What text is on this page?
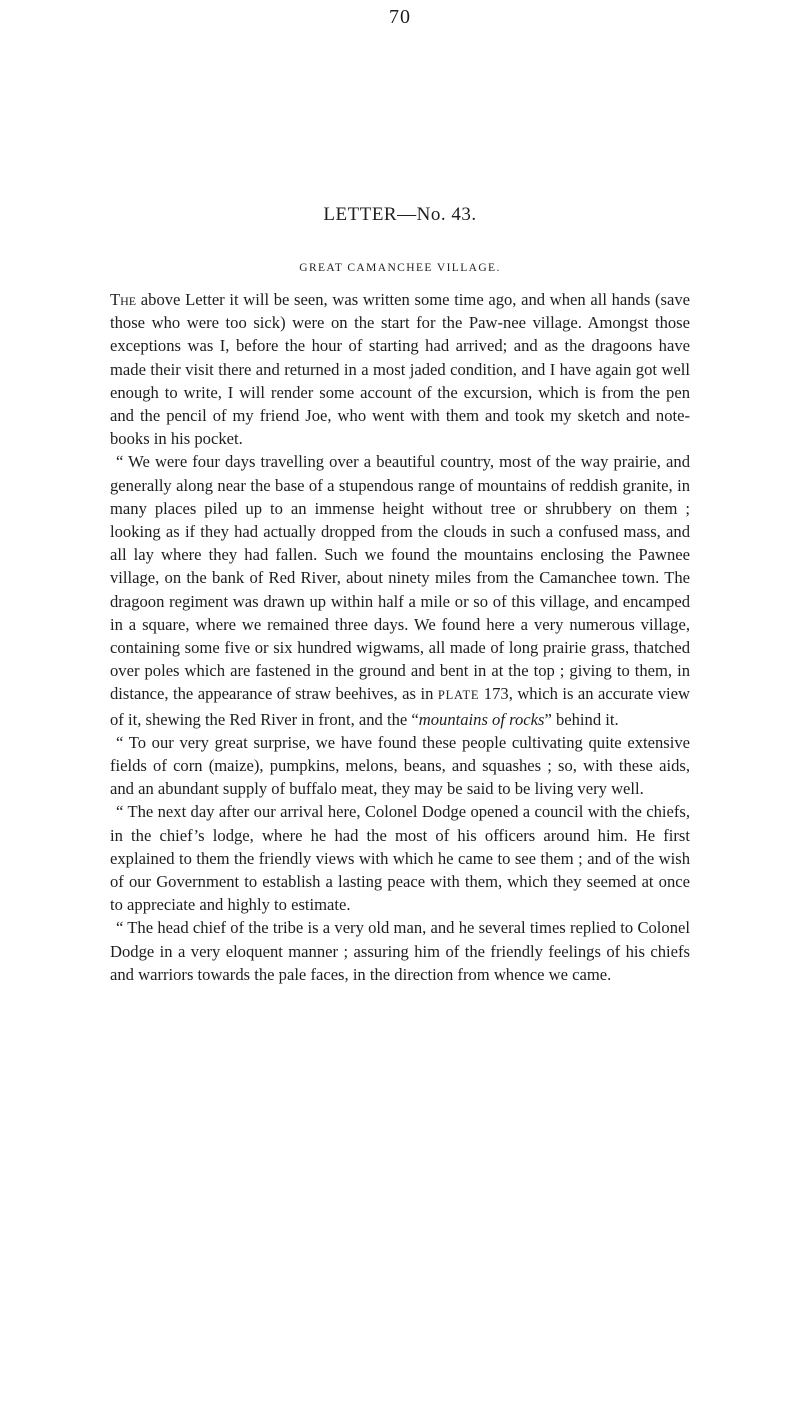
70
LETTER—No. 43.
GREAT CAMANCHEE VILLAGE.

The above Letter it will be seen, was written some time ago, and when all hands (save those who were too sick) were on the start for the Paw-nee village. Amongst those exceptions was I, before the hour of starting had arrived; and as the dragoons have made their visit there and returned in a most jaded condition, and I have again got well enough to write, I will render some account of the excursion, which is from the pen and the pencil of my friend Joe, who went with them and took my sketch and note-books in his pocket.

“ We were four days travelling over a beautiful country, most of the way prairie, and generally along near the base of a stupendous range of mountains of reddish granite, in many places piled up to an immense height without tree or shrubbery on them ; looking as if they had actually dropped from the clouds in such a confused mass, and all lay where they had fallen. Such we found the mountains enclosing the Pawnee village, on the bank of Red River, about ninety miles from the Camanchee town. The dragoon regiment was drawn up within half a mile or so of this village, and encamped in a square, where we remained three days. We found here a very numerous village, containing some five or six hundred wigwams, all made of long prairie grass, thatched over poles which are fastened in the ground and bent in at the top ; giving to them, in distance, the appearance of straw beehives, as in PLATE 173, which is an accurate view of it, shewing the Red River in front, and the “mountains of rocks” behind it.

“ To our very great surprise, we have found these people cultivating quite extensive fields of corn (maize), pumpkins, melons, beans, and squashes ; so, with these aids, and an abundant supply of buffalo meat, they may be said to be living very well.

“ The next day after our arrival here, Colonel Dodge opened a council with the chiefs, in the chief’s lodge, where he had the most of his officers around him. He first explained to them the friendly views with which he came to see them ; and of the wish of our Government to establish a lasting peace with them, which they seemed at once to appreciate and highly to estimate.

“ The head chief of the tribe is a very old man, and he several times replied to Colonel Dodge in a very eloquent manner ; assuring him of the friendly feelings of his chiefs and warriors towards the pale faces, in the direction from whence we came.
